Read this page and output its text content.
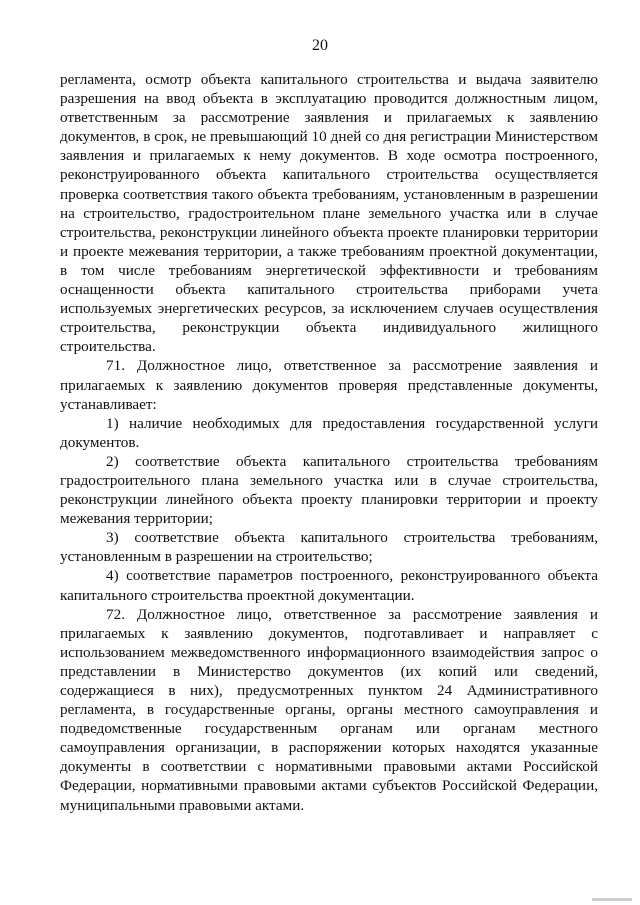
20

регламента, осмотр объекта капитального строительства и выдача заявителю разрешения на ввод объекта в эксплуатацию проводится должностным лицом, ответственным за рассмотрение заявления и прилагаемых к заявлению документов, в срок, не превышающий 10 дней со дня регистрации Министерством заявления и прилагаемых к нему документов. В ходе осмотра построенного, реконструированного объекта капитального строительства осуществляется проверка соответствия такого объекта требованиям, установленным в разрешении на строительство, градостроительном плане земельного участка или в случае строительства, реконструкции линейного объекта проекте планировки территории и проекте межевания территории, а также требованиям проектной документации, в том числе требованиям энергетической эффективности и требованиям оснащенности объекта капитального строительства приборами учета используемых энергетических ресурсов, за исключением случаев осуществления строительства, реконструкции объекта индивидуального жилищного строительства.

71. Должностное лицо, ответственное за рассмотрение заявления и прилагаемых к заявлению документов проверяя представленные документы, устанавливает:

1) наличие необходимых для предоставления государственной услуги документов.

2) соответствие объекта капитального строительства требованиям градостроительного плана земельного участка или в случае строительства, реконструкции линейного объекта проекту планировки территории и проекту межевания территории;

3) соответствие объекта капитального строительства требованиям, установленным в разрешении на строительство;

4) соответствие параметров построенного, реконструированного объекта капитального строительства проектной документации.

72. Должностное лицо, ответственное за рассмотрение заявления и прилагаемых к заявлению документов, подготавливает и направляет с использованием межведомственного информационного взаимодействия запрос о представлении в Министерство документов (их копий или сведений, содержащиеся в них), предусмотренных пунктом 24 Административного регламента, в государственные органы, органы местного самоуправления и подведомственные государственным органам или органам местного самоуправления организации, в распоряжении которых находятся указанные документы в соответствии с нормативными правовыми актами Российской Федерации, нормативными правовыми актами субъектов Российской Федерации, муниципальными правовыми актами.
